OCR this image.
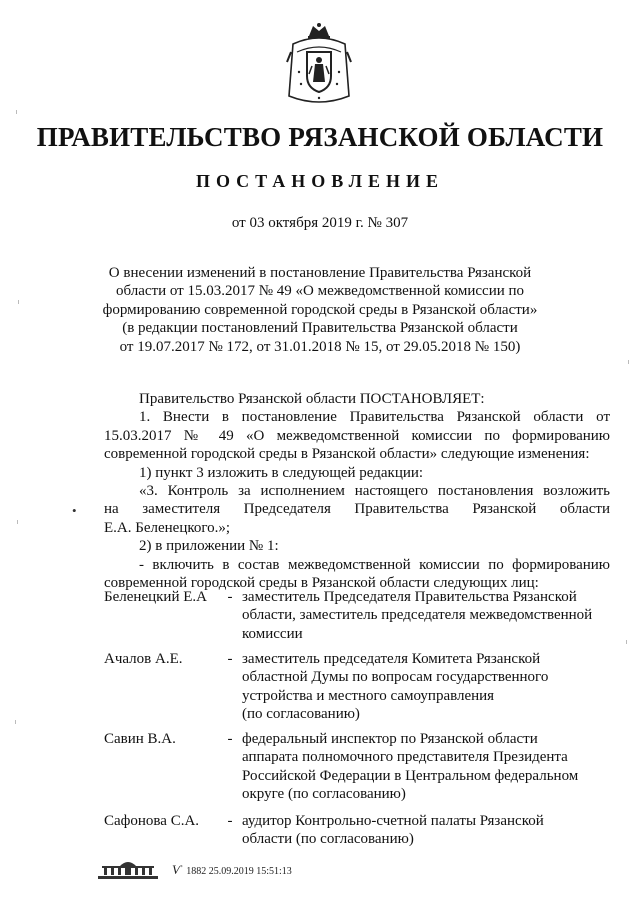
ПРАВИТЕЛЬСТВО РЯЗАНСКОЙ ОБЛАСТИ
ПОСТАНОВЛЕНИЕ
от 03 октября 2019 г. № 307
О внесении изменений в постановление Правительства Рязанской
области от 15.03.2017 № 49 «О межведомственной комиссии по
формированию современной городской среды в Рязанской области»
(в редакции постановлений Правительства Рязанской области
от 19.07.2017 № 172, от 31.01.2018 № 15, от 29.05.2018 № 150)
•

Правительство Рязанской области ПОСТАНОВЛЯЕТ:

1. Внести в постановление Правительства Рязанской области от 15.03.2017 № 49 «О межведомственной комиссии по формированию современной городской среды в Рязанской области» следующие изменения:

1) пункт 3 изложить в следующей редакции:

«3. Контроль за исполнением настоящего постановления возложить

на заместителя Председателя Правительства Рязанской области

Е.А. Беленецкого.»;

2) в приложении № 1:

- включить в состав межведомственной комиссии по формированию современной городской среды в Рязанской области следующих лиц:

Беленецкий Е.А	- заместитель Председателя Правительства Рязанской
области, заместитель председателя межведомственной
комиссии
Ачалов А.Е.	- заместитель председателя Комитета Рязанской
областной Думы по вопросам государственного
устройства и местного самоуправления
(по согласованию)
Савин В.А.	- федеральный инспектор по Рязанской области
аппарата полномочного представителя Президента
Российской Федерации в Центральном федеральном
округе (по согласованию)
Сафонова С.А.	- аудитор Контрольно-счетной палаты Рязанской
области (по согласованию)
Ѵ 1882 25.09.2019 15:51:13
